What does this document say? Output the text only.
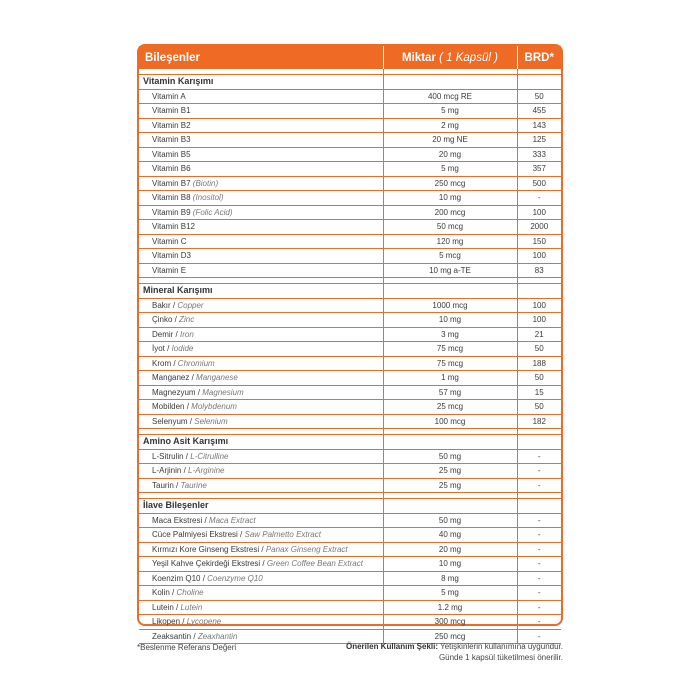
Bileşenler	Miktar ( 1 Kapsül )	BRD*

Vitamin Karışımı		
Vitamin A	400 mcg RE	50
Vitamin B1	5 mg	455
Vitamin B2	2 mg	143
Vitamin B3	20 mg NE	125
Vitamin B5	20 mg	333
Vitamin B6	5 mg	357
Vitamin B7 (Biotin)	250 mcg	500
Vitamin B8 (Inositol)	10 mg	-
Vitamin B9 (Folic Acid)	200 mcg	100
Vitamin B12	50 mcg	2000
Vitamin C	120 mg	150
Vitamin D3	5 mcg	100
Vitamin E	10 mg a-TE	83

Mineral Karışımı		
Bakır / Copper	1000 mcg	100
Çinko / Zinc	10 mg	100
Demir / Iron	3 mg	21
İyot / Iodide	75 mcg	50
Krom / Chromium	75 mcg	188
Manganez / Manganese	1 mg	50
Magnezyum / Magnesium	57 mg	15
Mobilden / Molybdenum	25 mcg	50
Selenyum / Selenium	100 mcg	182

Amino Asit Karışımı		
L-Sitrulin / L-Citrulline	50 mg	-
L-Arjinin / L-Arginine	25 mg	-
Taurin / Taurine	25 mg	-

İlave Bileşenler		
Maca Ekstresi / Maca Extract	50 mg	-
Cüce Palmiyesi Ekstresi / Saw Palmetto Extract	40 mg	-
Kırmızı Kore Ginseng Ekstresi / Panax Ginseng Extract	20 mg	-
Yeşil Kahve Çekirdeği Ekstresi / Green Coffee Bean Extract	10 mg	-
Koenzim Q10 / Coenzyme Q10	8 mg	-
Kolin / Choline	5 mg	-
Lutein / Lutein	1.2 mg	-
Likopen / Lycopene	300 mcg	-
Zeaksantin / Zeaxhantin	250 mcg	-
*Beslenme Referans Değeri	Önerilen Kullanım Şekli: Yetişkinlerin kullanımına uygundur.
Günde 1 kapsül tüketilmesi önerilir.
